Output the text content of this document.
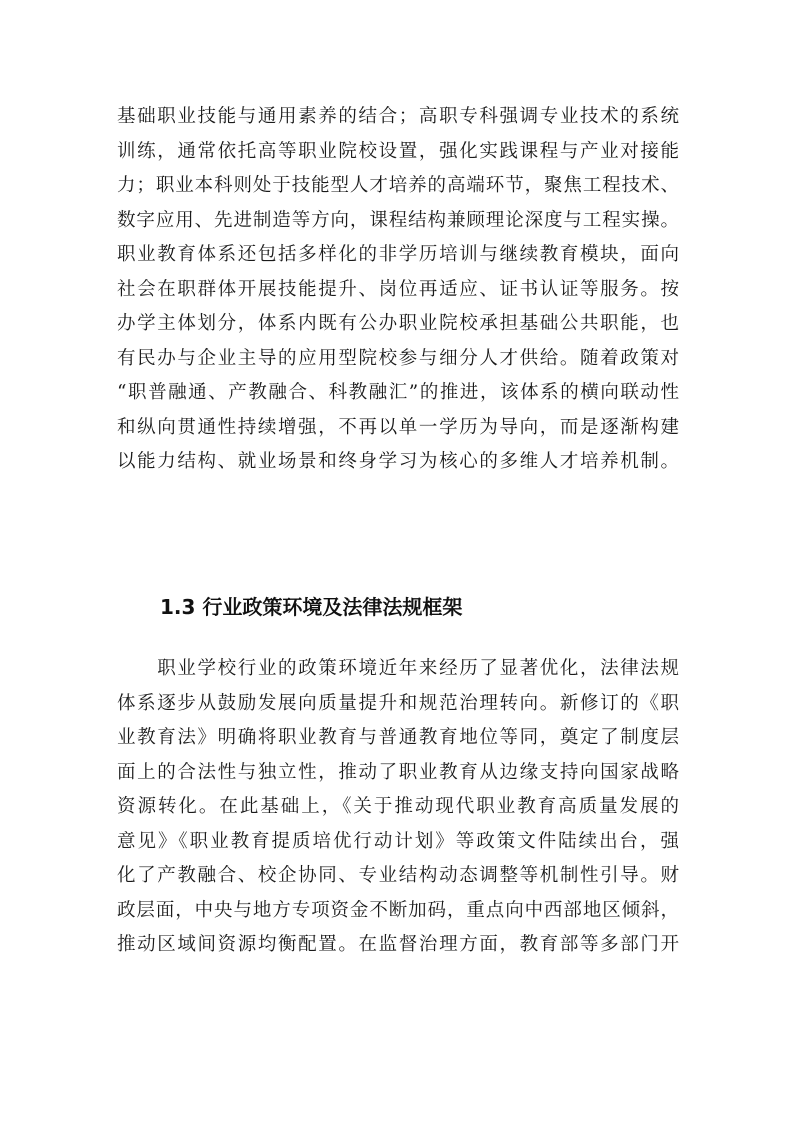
基础职业技能与通用素养的结合；高职专科强调专业技术的系统
训练，通常依托高等职业院校设置，强化实践课程与产业对接能
力；职业本科则处于技能型人才培养的高端环节，聚焦工程技术、
数字应用、先进制造等方向，课程结构兼顾理论深度与工程实操。
职业教育体系还包括多样化的非学历培训与继续教育模块，面向
社会在职群体开展技能提升、岗位再适应、证书认证等服务。按
办学主体划分，体系内既有公办职业院校承担基础公共职能，也
有民办与企业主导的应用型院校参与细分人才供给。随着政策对
“职普融通、产教融合、科教融汇”的推进，该体系的横向联动性
和纵向贯通性持续增强，不再以单一学历为导向，而是逐渐构建
以能力结构、就业场景和终身学习为核心的多维人才培养机制。
1.3 行业政策环境及法律法规框架
　　职业学校行业的政策环境近年来经历了显著优化，法律法规
体系逐步从鼓励发展向质量提升和规范治理转向。新修订的《职
业教育法》明确将职业教育与普通教育地位等同，奠定了制度层
面上的合法性与独立性，推动了职业教育从边缘支持向国家战略
资源转化。在此基础上，《关于推动现代职业教育高质量发展的
意见》《职业教育提质培优行动计划》等政策文件陆续出台，强
化了产教融合、校企协同、专业结构动态调整等机制性引导。财
政层面，中央与地方专项资金不断加码，重点向中西部地区倾斜，
推动区域间资源均衡配置。在监督治理方面，教育部等多部门开
